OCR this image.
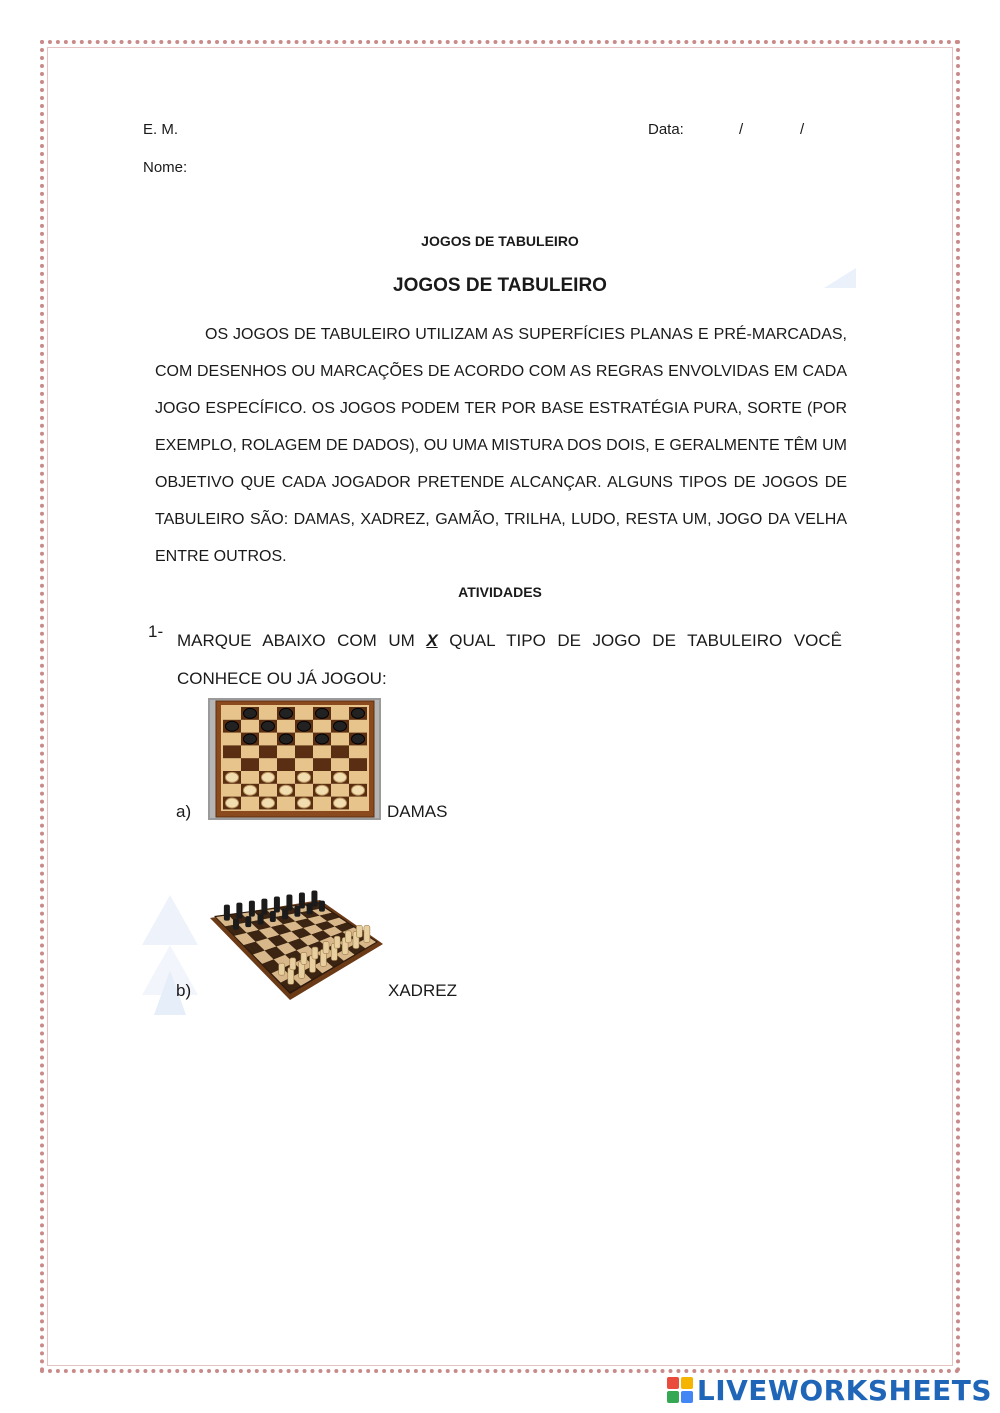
E. M.	Data:	/	/
Nome:
JOGOS DE TABULEIRO
JOGOS DE TABULEIRO

OS JOGOS DE TABULEIRO UTILIZAM AS SUPERFÍCIES PLANAS E PRÉ-MARCADAS, COM DESENHOS OU MARCAÇÕES DE ACORDO COM AS REGRAS ENVOLVIDAS EM CADA JOGO ESPECÍFICO. OS JOGOS PODEM TER POR BASE ESTRATÉGIA PURA, SORTE (POR EXEMPLO, ROLAGEM DE DADOS), OU UMA MISTURA DOS DOIS, E GERALMENTE TÊM UM OBJETIVO QUE CADA JOGADOR PRETENDE ALCANÇAR. ALGUNS TIPOS DE JOGOS DE TABULEIRO SÃO: DAMAS, XADREZ, GAMÃO, TRILHA, LUDO, RESTA UM, JOGO DA VELHA ENTRE OUTROS.

ATIVIDADES
1- MARQUE ABAIXO COM UM X QUAL TIPO DE JOGO DE TABULEIRO VOCÊ CONHECE OU JÁ JOGOU:

a)	DAMAS
b)	XADREZ
LIVEWORKSHEETS
